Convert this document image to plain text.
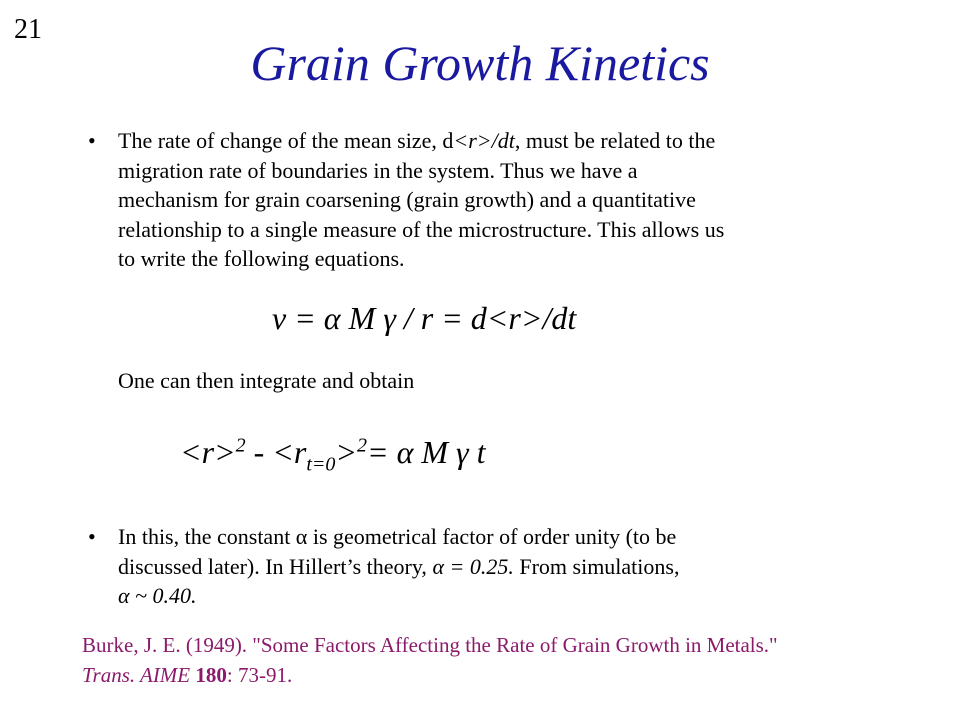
21
Grain Growth Kinetics
• The rate of change of the mean size, d<r>/dt, must be related to the
migration rate of boundaries in the system. Thus we have a
mechanism for grain coarsening (grain growth) and a quantitative
relationship to a single measure of the microstructure. This allows us
to write the following equations.
v = α M γ / r = d<r>/dt
One can then integrate and obtain
$<r>^2 - <r_{t=0}>^2= \alpha$ M γ t
• In this, the constant α is geometrical factor of order unity (to be
discussed later). In Hillert’s theory, α = 0.25. From simulations,
α ~ 0.40.
Burke, J. E. (1949). "Some Factors Affecting the Rate of Grain Growth in Metals."
Trans. AIME 180: 73-91.
